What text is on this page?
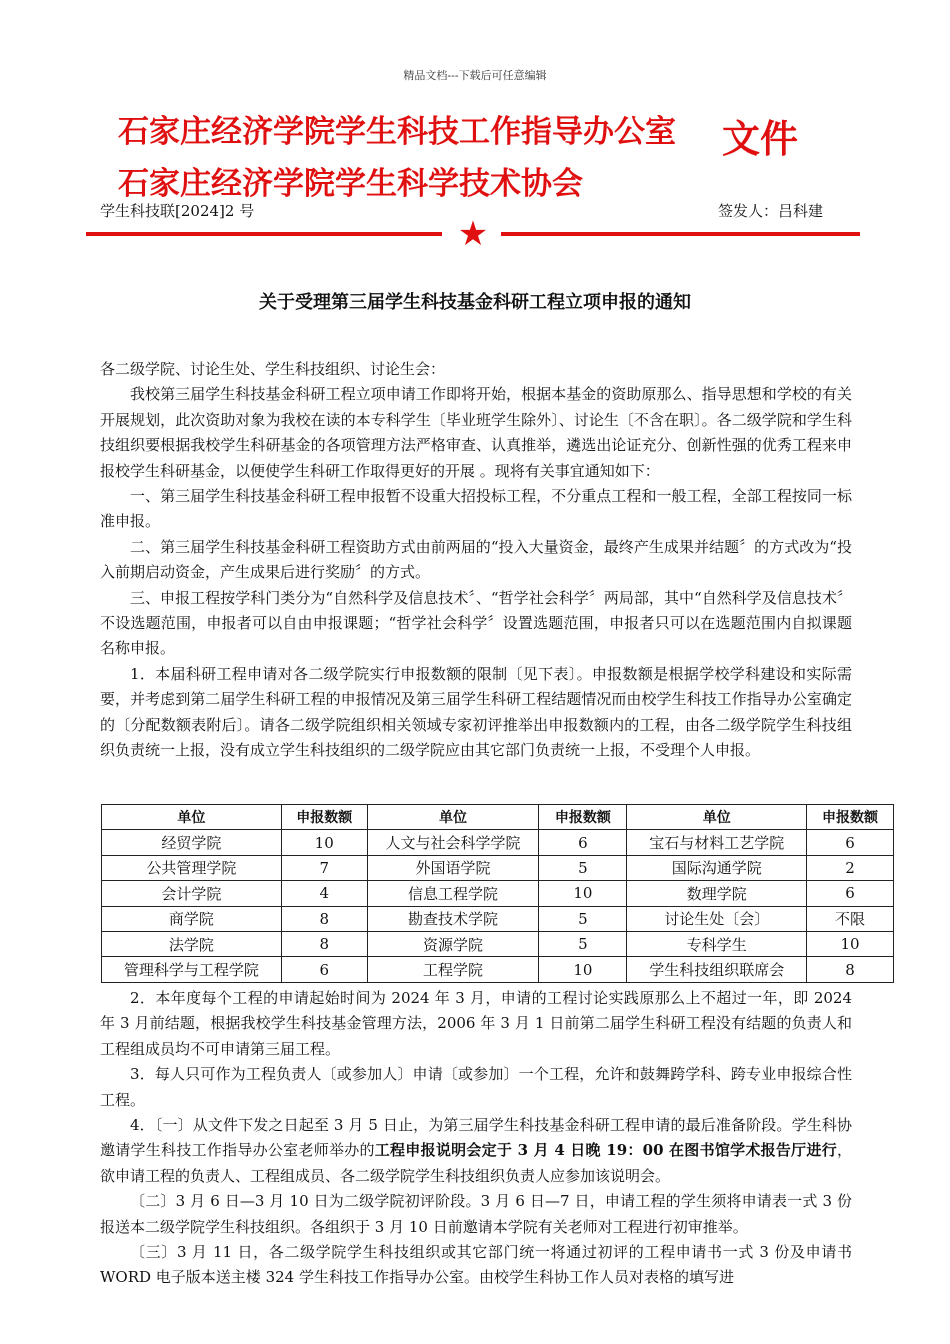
精品文档---下载后可任意编辑
石家庄经济学院学生科技工作指导办公室
石家庄经济学院学生科学技术协会
文件
学生科技联[2024]2 号	签发人：吕科建
★
关于受理第三届学生科技基金科研工程立项申报的通知

各二级学院、讨论生处、学生科技组织、讨论生会：

我校第三届学生科技基金科研工程立项申请工作即将开始，根据本基金的资助原那么、指导思想和学校的有关开展规划，此次资助对象为我校在读的本专科学生〔毕业班学生除外〕、讨论生〔不含在职〕。各二级学院和学生科技组织要根据我校学生科研基金的各项管理方法严格审查、认真推举，遴选出论证充分、创新性强的优秀工程来申报校学生科研基金，以便使学生科研工作取得更好的开展 。现将有关事宜通知如下：

一、第三届学生科技基金科研工程申报暂不设重大招投标工程，不分重点工程和一般工程，全部工程按同一标准申报。

二、第三届学生科技基金科研工程资助方式由前两届的“投入大量资金，最终产生成果并结题〞的方式改为“投入前期启动资金，产生成果后进行奖励〞的方式。

三、申报工程按学科门类分为“自然科学及信息技术〞、“哲学社会科学〞两局部，其中“自然科学及信息技术〞不设选题范围，申报者可以自由申报课题；“哲学社会科学〞设置选题范围，申报者只可以在选题范围内自拟课题名称申报。

1．本届科研工程申请对各二级学院实行申报数额的限制〔见下表〕。申报数额是根据学校学科建设和实际需要，并考虑到第二届学生科研工程的申报情况及第三届学生科研工程结题情况而由校学生科技工作指导办公室确定的〔分配数额表附后〕。请各二级学院组织相关领域专家初评推举出申报数额内的工程，由各二级学院学生科技组织负责统一上报，没有成立学生科技组织的二级学院应由其它部门负责统一上报，不受理个人申报。

单位	申报数额	单位	申报数额	单位	申报数额
经贸学院	10	人文与社会科学学院	6	宝石与材料工艺学院	6
公共管理学院	7	外国语学院	5	国际沟通学院	2
会计学院	4	信息工程学院	10	数理学院	6
商学院	8	勘查技术学院	5	讨论生处〔会〕	不限
法学院	8	资源学院	5	专科学生	10
管理科学与工程学院	6	工程学院	10	学生科技组织联席会	8

2．本年度每个工程的申请起始时间为 2024 年 3 月，申请的工程讨论实践原那么上不超过一年，即 2024 年 3 月前结题，根据我校学生科技基金管理方法，2006 年 3 月 1 日前第二届学生科研工程没有结题的负责人和工程组成员均不可申请第三届工程。

3．每人只可作为工程负责人〔或参加人〕申请〔或参加〕一个工程，允许和鼓舞跨学科、跨专业申报综合性工程。

4．〔一〕从文件下发之日起至 3 月 5 日止，为第三届学生科技基金科研工程申请的最后准备阶段。学生科协邀请学生科技工作指导办公室老师举办的工程申报说明会定于 3 月 4 日晚 19：00 在图书馆学术报告厅进行，欲申请工程的负责人、工程组成员、各二级学院学生科技组织负责人应参加该说明会。

〔二〕3 月 6 日—3 月 10 日为二级学院初评阶段。3 月 6 日—7 日，申请工程的学生须将申请表一式 3 份报送本二级学院学生科技组织。各组织于 3 月 10 日前邀请本学院有关老师对工程进行初审推举。

〔三〕3 月 11 日，各二级学院学生科技组织或其它部门统一将通过初评的工程申请书一式 3 份及申请书 WORD 电子版本送主楼 324 学生科技工作指导办公室。由校学生科协工作人员对表格的填写进
